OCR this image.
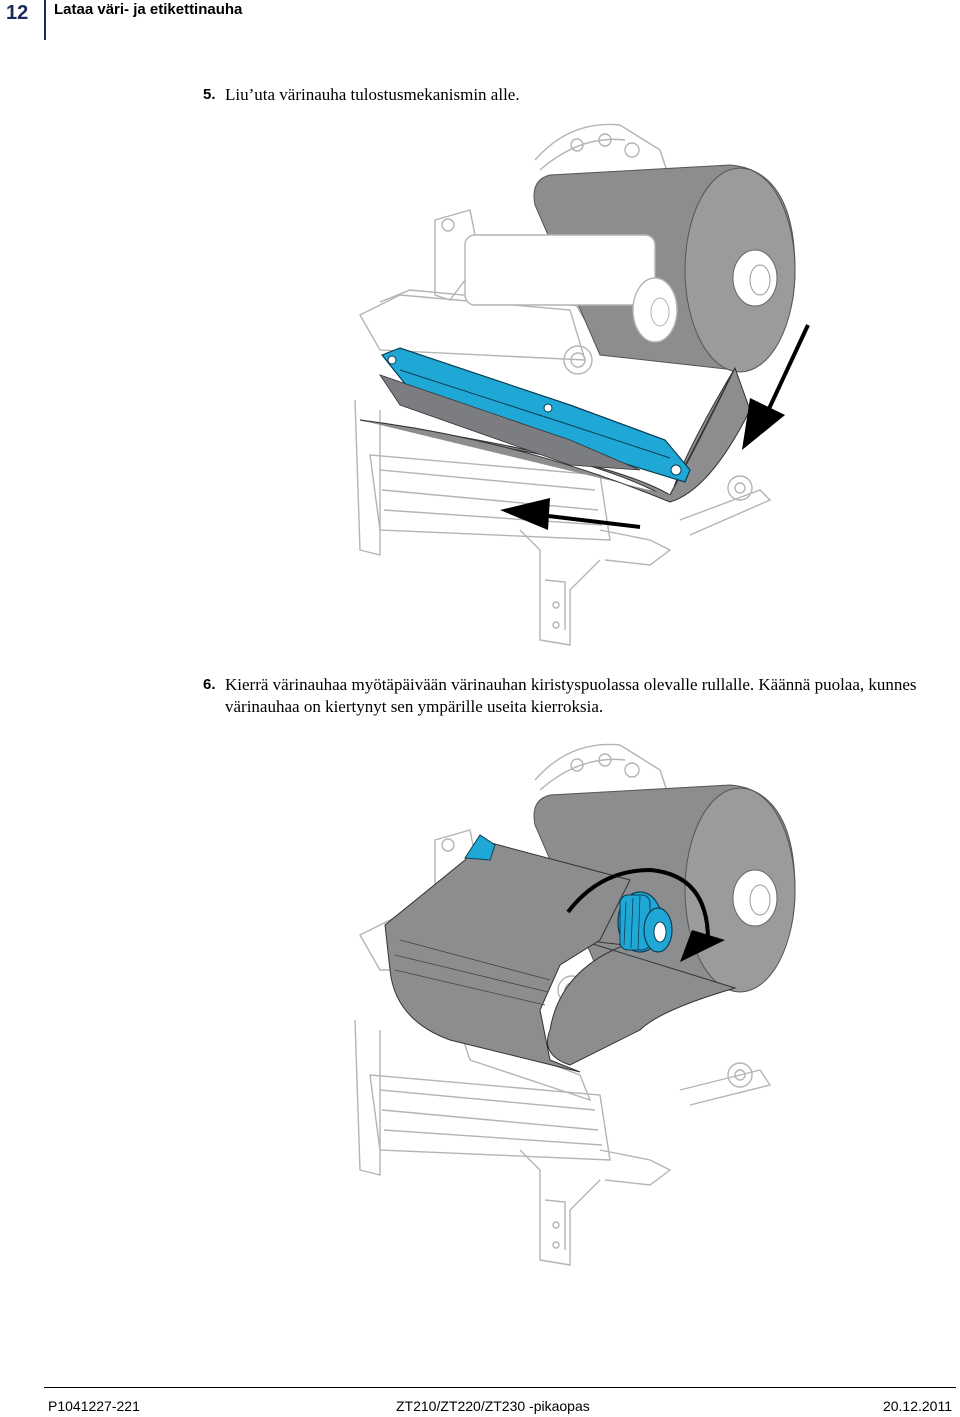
12 Lataa väri- ja etikettinauha
5. Liu’uta värinauha tulostusmekanismin alle.
6. Kierrä värinauhaa myötäpäivään värinauhan kiristyspuolassa olevalle rullalle. Käännä puolaa, kunnes värinauhaa on kiertynyt sen ympärille useita kierroksia.
P1041227-221	ZT210/ZT220/ZT230 -pikaopas	20.12.2011
